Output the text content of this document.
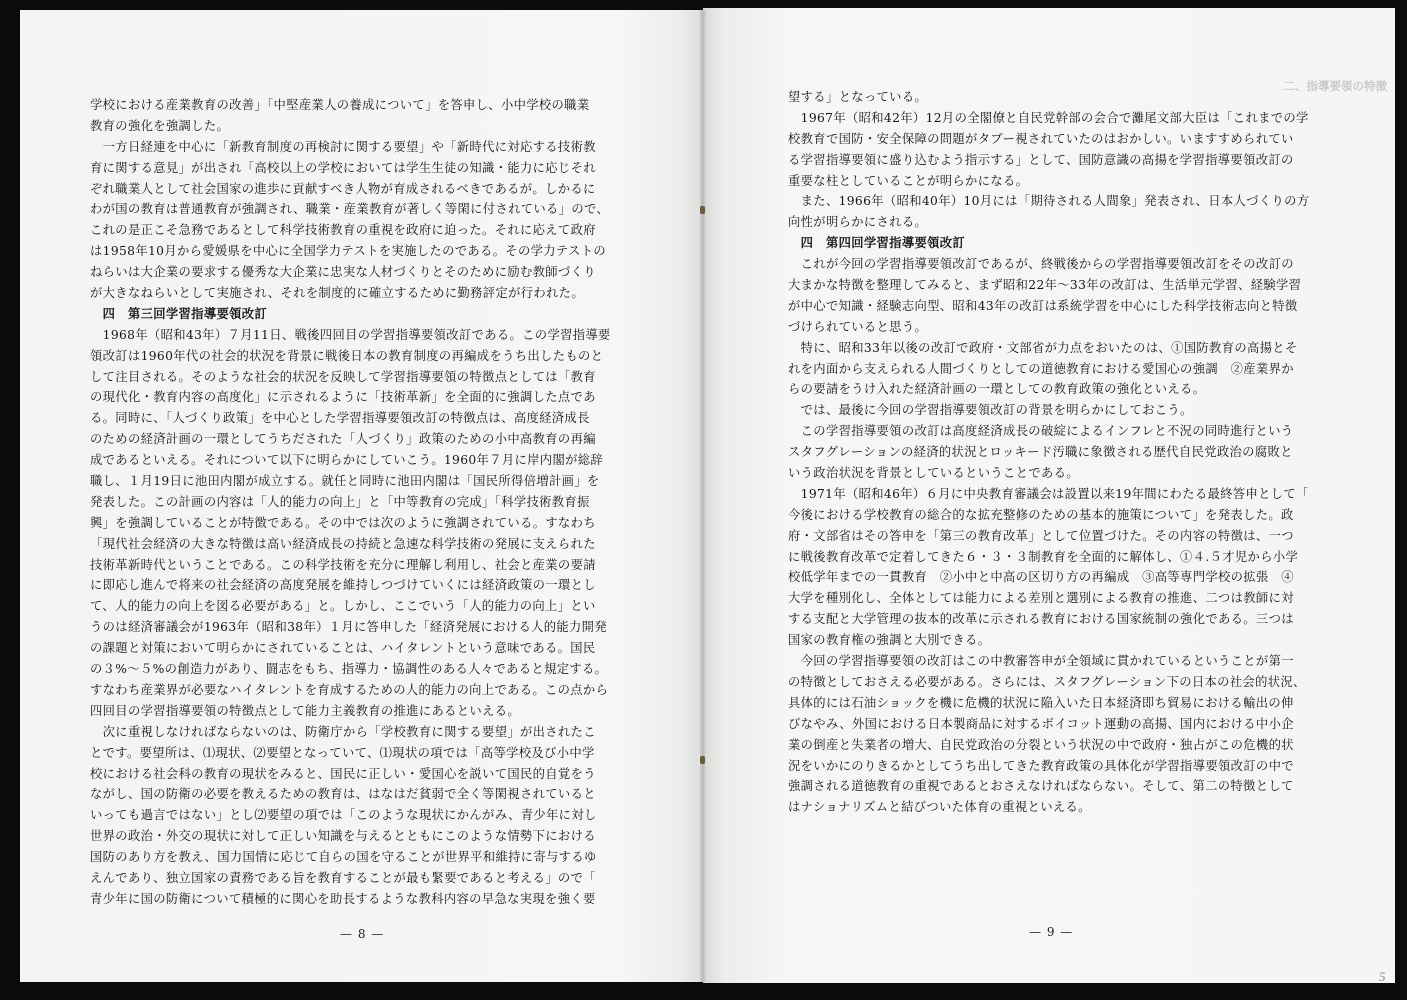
学校における産業教育の改善」「中堅産業人の養成について」を答申し、小中学校の職業
教育の強化を強調した。
　一方日経連を中心に「新教育制度の再検討に関する要望」や「新時代に対応する技術教
育に関する意見」が出され「高校以上の学校においては学生生徒の知識・能力に応じそれ
ぞれ職業人として社会国家の進歩に貢献すべき人物が育成されるべきであるが。しかるに
わが国の教育は普通教育が強調され、職業・産業教育が著しく等閑に付されている」ので、
これの是正こそ急務であるとして科学技術教育の重視を政府に迫った。それに応えて政府
は1958年10月から愛媛県を中心に全国学力テストを実施したのである。その学力テストの
ねらいは大企業の要求する優秀な大企業に忠実な人材づくりとそのために励む教師づくり
が大きなねらいとして実施され、それを制度的に確立するために勤務評定が行われた。
　四　第三回学習指導要領改訂
　1968年（昭和43年）７月11日、戦後四回目の学習指導要領改訂である。この学習指導要
領改訂は1960年代の社会的状況を背景に戦後日本の教育制度の再編成をうち出したものと
して注目される。そのような社会的状況を反映して学習指導要領の特徴点としては「教育
の現代化・教育内容の高度化」に示されるように「技術革新」を全面的に強調した点であ
る。同時に、「人づくり政策」を中心とした学習指導要領改訂の特徴点は、高度経済成長
のための経済計画の一環としてうちだされた「人づくり」政策のための小中高教育の再編
成であるといえる。それについて以下に明らかにしていこう。1960年７月に岸内閣が総辞
職し、１月19日に池田内閣が成立する。就任と同時に池田内閣は「国民所得倍増計画」を
発表した。この計画の内容は「人的能力の向上」と「中等教育の完成」「科学技術教育振
興」を強調していることが特徴である。その中では次のように強調されている。すなわち
「現代社会経済の大きな特徴は高い経済成長の持続と急速な科学技術の発展に支えられた
技術革新時代ということである。この科学技術を充分に理解し利用し、社会と産業の要請
に即応し進んで将来の社会経済の高度発展を維持しつづけていくには経済政策の一環とし
て、人的能力の向上を図る必要がある」と。しかし、ここでいう「人的能力の向上」とい
うのは経済審議会が1963年（昭和38年）１月に答申した「経済発展における人的能力開発
の課題と対策において明らかにされていることは、ハイタレントという意味である。国民
の３%～５%の創造力があり、闘志をもち、指導力・協調性のある人々であると規定する。
すなわち産業界が必要なハイタレントを育成するための人的能力の向上である。この点から
四回目の学習指導要領の特徴点として能力主義教育の推進にあるといえる。
　次に重視しなければならないのは、防衛庁から「学校教育に関する要望」が出されたこ
とです。要望所は、⑴現状、⑵要望となっていて、⑴現状の項では「高等学校及び小中学
校における社会科の教育の現状をみると、国民に正しい・愛国心を説いて国民的自覚をう
ながし、国の防衛の必要を教えるための教育は、はなはだ貧弱で全く等閑視されていると
いっても過言ではない」とし⑵要望の項では「このような現状にかんがみ、青少年に対し
世界の政治・外交の現状に対して正しい知識を与えるとともにこのような情勢下における
国防のあり方を教え、国力国情に応じて自らの国を守ることが世界平和維持に寄与するゆ
えんであり、独立国家の責務である旨を教育することが最も緊要であると考える」ので「
青少年に国の防衛について積極的に関心を助長するような教科内容の早急な実現を強く要
— 8 —
二、指導要領の特徴
望する」となっている。
　1967年（昭和42年）12月の全閣僚と自民党幹部の会合で灘尾文部大臣は「これまでの学
校教育で国防・安全保障の問題がタブー視されていたのはおかしい。いますすめられてい
る学習指導要領に盛り込むよう指示する」として、国防意識の高揚を学習指導要領改訂の
重要な柱としていることが明らかになる。
　また、1966年（昭和40年）10月には「期待される人間象」発表され、日本人づくりの方
向性が明らかにされる。
　四　第四回学習指導要領改訂
　これが今回の学習指導要領改訂であるが、終戦後からの学習指導要領改訂をその改訂の
大まかな特徴を整理してみると、まず昭和22年～33年の改訂は、生活単元学習、経験学習
が中心で知識・経験志向型、昭和43年の改訂は系統学習を中心にした科学技術志向と特徴
づけられていると思う。
　特に、昭和33年以後の改訂で政府・文部省が力点をおいたのは、①国防教育の高揚とそ
れを内面から支えられる人間づくりとしての道徳教育における愛国心の強調　②産業界か
らの要請をうけ入れた経済計画の一環としての教育政策の強化といえる。
　では、最後に今回の学習指導要領改訂の背景を明らかにしておこう。
　この学習指導要領の改訂は高度経済成長の破綻によるインフレと不況の同時進行という
スタフグレーションの経済的状況とロッキード汚職に象徴される歴代自民党政治の腐敗と
いう政治状況を背景としているということである。
　1971年（昭和46年）６月に中央教育審議会は設置以来19年間にわたる最終答申として「
今後における学校教育の総合的な拡充整修のための基本的施策について」を発表した。政
府・文部省はその答申を「第三の教育改革」として位置づけた。その内容の特徴は、一つ
に戦後教育改革で定着してきた６・３・３制教育を全面的に解体し、①４.５才児から小学
校低学年までの一貫教育　②小中と中高の区切り方の再編成　③高等専門学校の拡張　④
大学を種別化し、全体としては能力による差別と選別による教育の推進、二つは教師に対
する支配と大学管理の抜本的改革に示される教育における国家統制の強化である。三つは
国家の教育権の強調と大別できる。
　今回の学習指導要領の改訂はこの中教審答申が全領域に貫かれているということが第一
の特徴としておさえる必要がある。さらには、スタフグレーション下の日本の社会的状況、
具体的には石油ショックを機に危機的状況に陥入いた日本経済即ち貿易における輸出の伸
びなやみ、外国における日本製商品に対するボイコット運動の高揚、国内における中小企
業の倒産と失業者の増大、自民党政治の分裂という状況の中で政府・独占がこの危機的状
況をいかにのりきるかとしてうち出してきた教育政策の具体化が学習指導要領改訂の中で
強調される道徳教育の重視であるとおさえなければならない。そして、第二の特徴として
はナショナリズムと結びついた体育の重視といえる。
— 9 —
5
